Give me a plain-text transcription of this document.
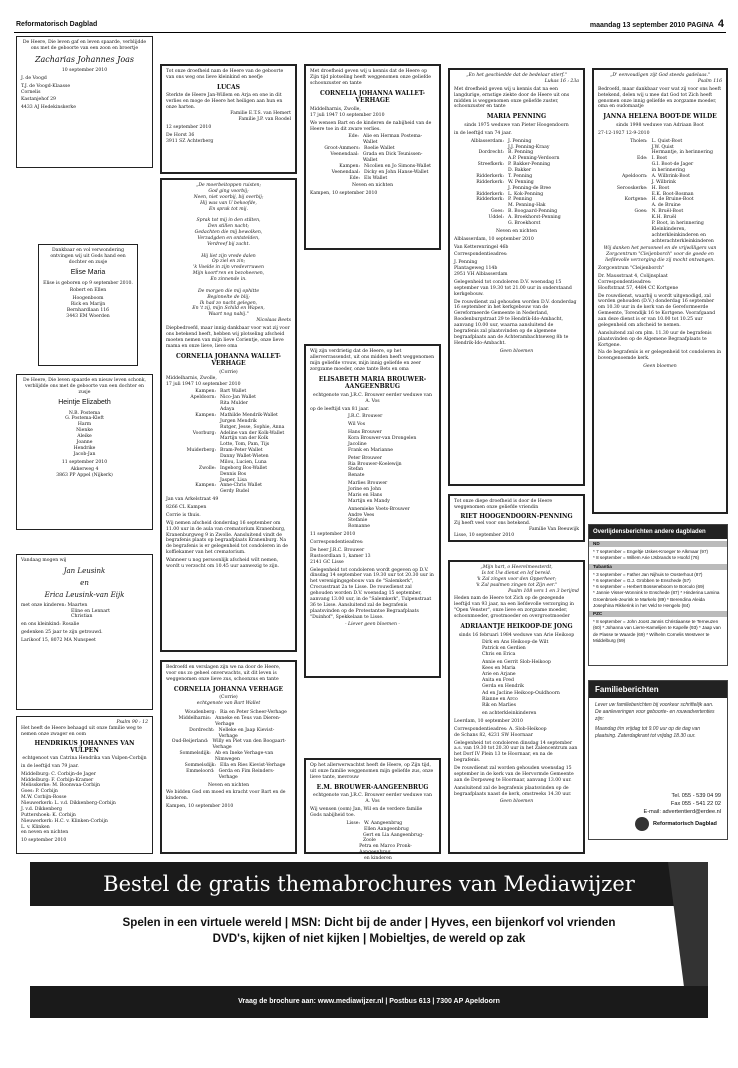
Reformatorisch Dagblad	maandag 13 september 2010 PAGINA 4
De Heere, Die leven gaf en leven spaarde, verblijdde ons met de geboorte van een zoon en broertje
Zacharias Johannes Joas
10 september 2010

J. de Voogd

T.J. de Voogd-Klaasse
Cornelis

Kastanjehof 29

4433 AJ Hedekinskerke
Dankbaar en vol verwondering ontvingen wij uit Gods hand een dochter en zusje
Elise Maria
Elise is geboren op 9 september 2010.

Robert en Ellen

Hoogenboom
Rick en Marijn
Bernhardlaan 116
3443 EM Woerden
De Heere, Die leven spaarde en nieuw leven schonk, verblijdde ons met de geboorte van een dochter en zusje
Heintje Elizabeth
N.B. Postema
G. Postema-Kleft
Harm
Nienke
Aleike
Joanne
Hendrike
Jacob-Jan

11 september 2010

Akkerweg 4
3863 PP Appel (Nijkerk)
Vandaag mogen wij
Jan Leusink
en
Erica Leusink-van Eijk
met onze kinderen: Maarten
Eline en Lennart
Christian

en ons kleinkind: Rosalie

gedenken 25 jaar te zijn getrouwd.

Larikoof 15, 8072 MA Nunspeet

Psalm 90 : 12
Het heeft de Heere behaagd uit onze familie weg te nemen onze zwager en oom
HENDRIKUS JOHANNES VAN VULPEN
echtgenoot van Catrina Hendrika van Vulpen-Corbijn

in de leeftijd van 79 jaar.

Middelburg: C. Corbijn-de Jager
Middelburg: F. Corbijn-Kramer
Melisskerke: M. Boonwaa-Corbijn
Goes: P. Corbijn
M.W. Corbijn-Rosse
Nieuwerkerk: L. v.d. Dikkenberg-Corbijn
J. v.d. Dikkenberg
Puttershoek: K. Corbijn
Nieuwerkerk: H.C. v. Klinken-Corbijn
L. v. Klinken
en neven en nichten

10 september 2010

Tot onze droefheid nam de Heere van de geboorte van ons weg ons lieve kleinkind en neefje
LUCAS
Sterkte de Heere Jan-Willem en Arja en one in dit verlies en moge de Heere het heiligen aan hun en onze harten.
Familie E.T.S. van Hemert
Familie J.P. van Roodel

12 september 2010

De Horst 36
3911 SZ Achterberg
„De moerbeitoppen ruisten;
God ging voorbij;
Neen, niet voorbij, bij overbij;
Hij was van U bekoofde,
En sprak tot mij.

Sprak tot mij in den stilten,
Den stillen nacht;
Gedachten die mij bewolken,
Verzadgden en ontstelden,
Verdreef bij zacht.

Hij liet zijn vrede dalen
Op ziel en zin;
'k Voelde in zijn vredevrruwen
Mijn koort'ren en bezoheenen,
En zinnende in.

De morgen die mij ophitte
Beginnelte de blij;
Ik had zo nacht gelegen,
En 't zij, mijn Schild en Wapen,
Waart nog nabij."
Nicolaas Beets

Diepbedroefd, maar innig dankbaar voor wat zij voor ons betekend heeft, hebben wij plotseling afscheid moeten nemen van mijn lieve Corientje, onze lieve mama en onze lieve, lieve oma

CORNELIA JOHANNA WALLET-VERHAGE
(Corrie)
Middelharnis, Zwolle,
17 juli 1947 10 september 2010
Kampen: Bart Wallet
Apeldoorn: Nico-Jan Wallet
Rita Mulder
Adaya
Kampen: Mathilde Mendrik-Wallet
Jurgen Mendrik
Rutger, Jesse, Sophie, Anna
Voorburg: Adeline van der Kolk-Wallet
Martijn van der Kolk
Lotte, Tom, Pam, Tijs
Muiderberg: Bram-Peter Wallet
Danny Wallet-Wieten
Milou, Lucien, Luna
Zwolle: Ingeborg Bos-Wallet
Dennis Bos
Jasper, Lisa
Kampen: Anne-Chris Wallet
Gerdy Budel

Jan van Arkelstraat 49

8266 CL Kampen

Corrie is thuis.

Wij nemen afscheid donderdag 16 september om 11.00 uur in de aula van crematorium Kranenburg, Kranenburgweg 9 in Zwolle. Aansluitend vindt de begrafenis plaats op begraafplaats Kranenburg. Na de begrafenis is er gelegenheid tot condoleren in de koffiekamer van het crematorium.

Wanneer u nog persoonlijk afscheid wilt nemen, wordt u verzocht om 10.45 uur aanwezig te zijn.

Bedroefd en verslagen zijn we na door de Heere, voor ons zo geheel onverwachts, uit dit leven is weggenomen onze lieve zus, schoonzus en tante
CORNELIA JOHANNA VERHAGE
(Corrie)
echtgenote van Bart Wallet
Woudenberg: Ria en Peter Scheer-Verhage
Middelharnis: Anneke en Teus van Dieren-Verhage
Dordrecht: Nelleke en Jaap Kievist-Verhage
Oud-Beijerland: Willy en Piet van den Boogaart-Verhage
Sommelsdijk: Ab en Ineke Verhage-van Nimwegen
Sommelsdijk: Ella en Ries Kievist-Verhage
Emmeloord: Gerda en Fim Reinders-Verhage

Neven en nichten

We bidden God om moed en kracht voor Bart en de kinderen.

Kampen, 10 september 2010
Met droefheid geven wij u kennis dat de Heere op Zijn tijd plotseling heeft weggenomen onze geliefde schoonzuster en tante
CORNELIA JOHANNA WALLET-VERHAGE
Middelharnis, Zwolle,
17 juli 1947 10 september 2010

We wensen Bart en de kinderen de nabijheid van de Heere toe in dit zware verlies.

Ede: Alie en Herman Postema-Wallet
Groot-Ammers: Roelie Wallet
Veenendaal: Grada en Dick Teunissen-Wallet
Kampen: Nicolien en Jo Simons-Wallet
Veenendaal: Dicky en John Hanse-Wallet
Ede: Els Wallet

Neven en nichten

Kampen, 10 september 2010
Wij zijn verdrietig dat de Heere, op het allerverrassendst, uit ons midden heeft weggenomen mijn geliefde vrouw, mijn innig geliefde en zeer zorgzame moeder, onze tante Bets en oma
ELISABETH MARIA BROUWER-AANGEENBRUG
echtgenote van J.R.C. Brouwer eerder weduwe van A. Vos

op de leeftijd van 81 jaar.

J.R.C. Brouwer

Wil Vos

Hans Brouwer
Kora Brouwer-van Drongelen
Jacoline
Frank en Marianne

Peter Brouwer
Ria Brouwer-Koelewijn
Stefan
Renate

Marlies Brouwer
Jorine en John
Maris en Hans
Martijn en Mandy

Annemieke Voets-Brouwer
Andre Vees
Stefanie
Romanne

11 september 2010

Correspondentieadres:

De heer J.R.C. Brouwer
Rustoordlaan 1, kamer 13
2141 GC Lisse

Gelegenheid tot condoleren wordt gegeven op D.V. dinsdag 14 september van 19.30 uur tot 20.30 uur in het verenigingsgebouw van de "Salemkerk", Crocusstraat 2a te Lisse. De rouwdienst zal gehouden worden D.V. woensdag 15 september, aanvang 13.00 uur, in de "Salemkerk", Tulpenstraat 36 te Lisse. Aansluitend zal de begrafenis plaatsvinden op de Protestantse Begraafplaats "Duinhof", Spekkelaan te Lisse.

- Liever geen bloemen -

Op het allerwerwachtst heeft de Heere, op Zijn tijd, uit onze familie weggenomen mijn geliefde zus, onze lieve tante, mevrouw
E.M. BROUWER-AANGEENBRUG
echtgenote van J.R.C. Brouwer eerder weduwe van A. Vos

Wij wensen (oom) Jan, Wil en de verdere familie Gods nabijheid toe.

Lisse: W. Aangeenbrug
Ellen Aangeenbrug
Gert en Lia Aangeenbrug-Zoole
Petra en Marco Pronk-Aangeenbrug
en kinderen
„En het geschiedde dat de bedelaar stierf."
Lukas 16 : 23a

Met droefheid geven wij u kennis dat na een langdurige, ernstige ziekte door de Heere uit ons midden is weggenomen onze geliefde zuster, schoonzuster en tante

MARIA PENNING
sinds 1975 weduwe van Pieter Hoogendoorn

in de leeftijd van 74 jaar.

Alblasserdam: J. Penning
J.J. Penning-Kraay
Dordrecht: B. Penning
A.P. Penning-Verdoorn
Streefkerk: P. Bakker-Penning
D. Bakker
Ridderkerk: T. Penning
Ridderkerk: W. Penning
J. Penning-de Bree
Ridderkerk: L. Kok-Penning
Ridderkerk: P. Penning
M. Penning-Hak
Goes: B. Boogaard-Penning
Uddel: A. Broekhorst-Penning
G. Broekhorst

Neven en nichten

Alblasserdam, 10 september 2010

Van Ketterenringel 46b

Correspondentieadres:

J. Penning
Plantageweg 114b
2951 VH Alblasserdam

Gelegenheid tot condoleren D.V. woensdag 15 september van 19.30 tot 21.00 uur in onderstaand kerkgebouw.

De rouwdienst zal gehouden worden D.V. donderdag 16 september in het kerkgebouw van de Gereformeerde Gemeente in Nederland, Roodenburgstraat 29 te Hendrik-Ido-Ambacht, aanvang 10.00 uur, waarna aansluitend de begrafenis zal plaatsvinden op de algemene begraafplaats aan de Achterambachtseweg 8b te Hendrik-Ido-Ambacht.

Geen bloemen

Tot onze diepe droefheid is door de Heere weggenomen onze geliefde vriendin
RIET HOOGENDOORN-PENNING
Zij heeft veel voor ons betekend.
Familie Van Beeuwijk
Lisse, 10 september 2010
„Mijn hart, o Heerelmeesterdt,
Is tot Uw dienst en lof bereid.
'k Zal zingen voor den Opperheer;
'k Zal psalmen zingen tot Zijn eer."
Psalm 108 vers 1 en 3 berijmd

Heden nam de Heere tot Zich op de gezegende leeftijd van 93 jaar, na een liefdevolle verzorging in "Open Venster", onze lieve en zorgzame moeder, schoonmoeder, grootmoeder en overgrootmoeder

ADRIAANTJE HEIKOOP-DE JONG
sinds 16 februari 1984 weduwe van Arie Heikoop
Dirk en Ans Heikoop-de Wilt
Patrick en Gerdien
Chris en Erica

Annie en Gerrit Slob-Heikoop
Kees en Maria
Arie en Arjane
Anita en Fred
Gerda en Hendrik

Ad en Jacline Heikoop-Ouldhoorn
Rianne en Arco
Rik en Marlies

en achterkleinkinderen

Leerdam, 10 september 2010

Correspondentieadres: A. Slob-Heikoop
de Schans 82, 4231 SW Hoornaar

Gelegenheid tot condoleren dinsdag 14 september a.s. van 19.30 tot 20.30 uur in het Zalencentrum aan het Dorf IV Plein 13 te Hoornaar, en na de begrafenis.

De rouwdienst zal worden gehouden woensdag 15 september in de kerk van de Hervormde Gemeente aan de Dorpsweg te Hoornaar, aanvang 13.00 uur.

Aansluitend zal de begrafenis plaatsvinden op de begraafplaats naast de kerk, omstreeks 14.30 uur.

Geen bloemen

„D' eenvoudigen zijt God steeds gadelaas."
Psalm 116

Bedroefd, maar dankbaar voor wat zij voor ons heeft betekend, delen wij u mee dat God tot Zich heeft genomen onze innig geliefde en zorgzame moeder, oma en oudomaatje

JANNA HELENA BOOT-DE WILDE
sinds 1998 weduwe van Adriaan Boot

27-12-1927 12-9-2010

Tholen: L. Quist-Boot
J.W. Quist
Hermantje, in herinnering
Ede: I. Boot
G.I. Boot-de Jager
in herinnering
Apeldoorn: A. Wilbrink-Boot
J. Wilbrink
Serooskerke: H. Boot
E.K. Boot-Bosman
Kortgene: H. de Bruine-Boot
A. de Bruine
Goes: N. Bruël-Boot
K.H. Bruël
P. Boot, in herinnering
Kleinkinderen,
achterkleinkinderen en
achterachterkleinkinderen

Wij danken het personeel en de vrijwilligers van Zorgcentrum "Cleijenborch" voor de goede en liefdevolle verzorging die zij mocht ontvangen.

Zorgcentrum "Cleijenborch"

Dr. Mausstraat 4, Colijnsplaat
Correspondentieadres:
Hooftstraat 57, 4484 CC Kortgene

De rouwdienst, waarbij u wordt uitgenodigd, zal worden gehouden (D.V.) donderdag 16 september om 10.30 uur in de kerk van de Gereformeerde Gemeente, Torendijk 16 te Kortgene. Voorafgaand aan deze dienst is er van 10.00 tot 10.25 uur gelegenheid om afscheid te nemen.

Aansluitend zal om plm. 11.30 uur de begrafenis plaatsvinden op de Algemene Begraafplaats te Kortgene.

Na de begrafenis is er gelegenheid tot condoleren in bovengenoemde kerk.

Geen bloemen

Overlijdensberichten andere dagbladen
ND
* 7 september = Engeltje IJskes-Kroeger te Alkmaar (97)
* 8 september = Willem Arie IJsbrands te Hoofd (76)
Tubantia
* 3 september = Father Jan Nijhuis te Oosterhout (87)
* 6 september = G.J. Grobben te Enschede (57)
* 6 september = Herbert Bosseneboom te Borculo (69)
* Jannie Visser-Wonnink te Enschede (87) * Hinderina Lamina Groenbroek-Jeurink te Markelo (89) * Berendina Aleida Josephina Rikkerink in het Veld te Hengelo (84)
PZC
* 8 september = John Joost Jannis Christiaanse te Terneuzen (60) * Johanna van Lierre-Kamelijen te Kapelle (93) * Jaap van de Plasse te Waarde (69) * Wilhelm Cornelis Westveer te Middelburg (59)
Familieberichten
Lever uw familieberichten bij voorkeur schriftelijk aan. De aanleveringen voor geboorte- en rouwadvertenties zijn:
Maandag t/m vrijdag tot 9.00 uur op de dag van plaatsing. Zaterdagkrant tot vrijdag 18.30 uur.
Tel. 055 - 539 04 99
Fax 055 - 541 22 02
E-mail: advertentierd@erdee.nl
Reformatorisch Dagblad
Bestel de gratis themabrochures van Mediawijzer
Spelen in een virtuele wereld | MSN: Dicht bij de ander | Hyves, een bijenkorf vol vrienden
DVD's, kijken of niet kijken | Mobieltjes, de wereld op zak
Vraag de brochure aan: www.mediawijzer.nl | Postbus 613 | 7300 AP Apeldoorn
